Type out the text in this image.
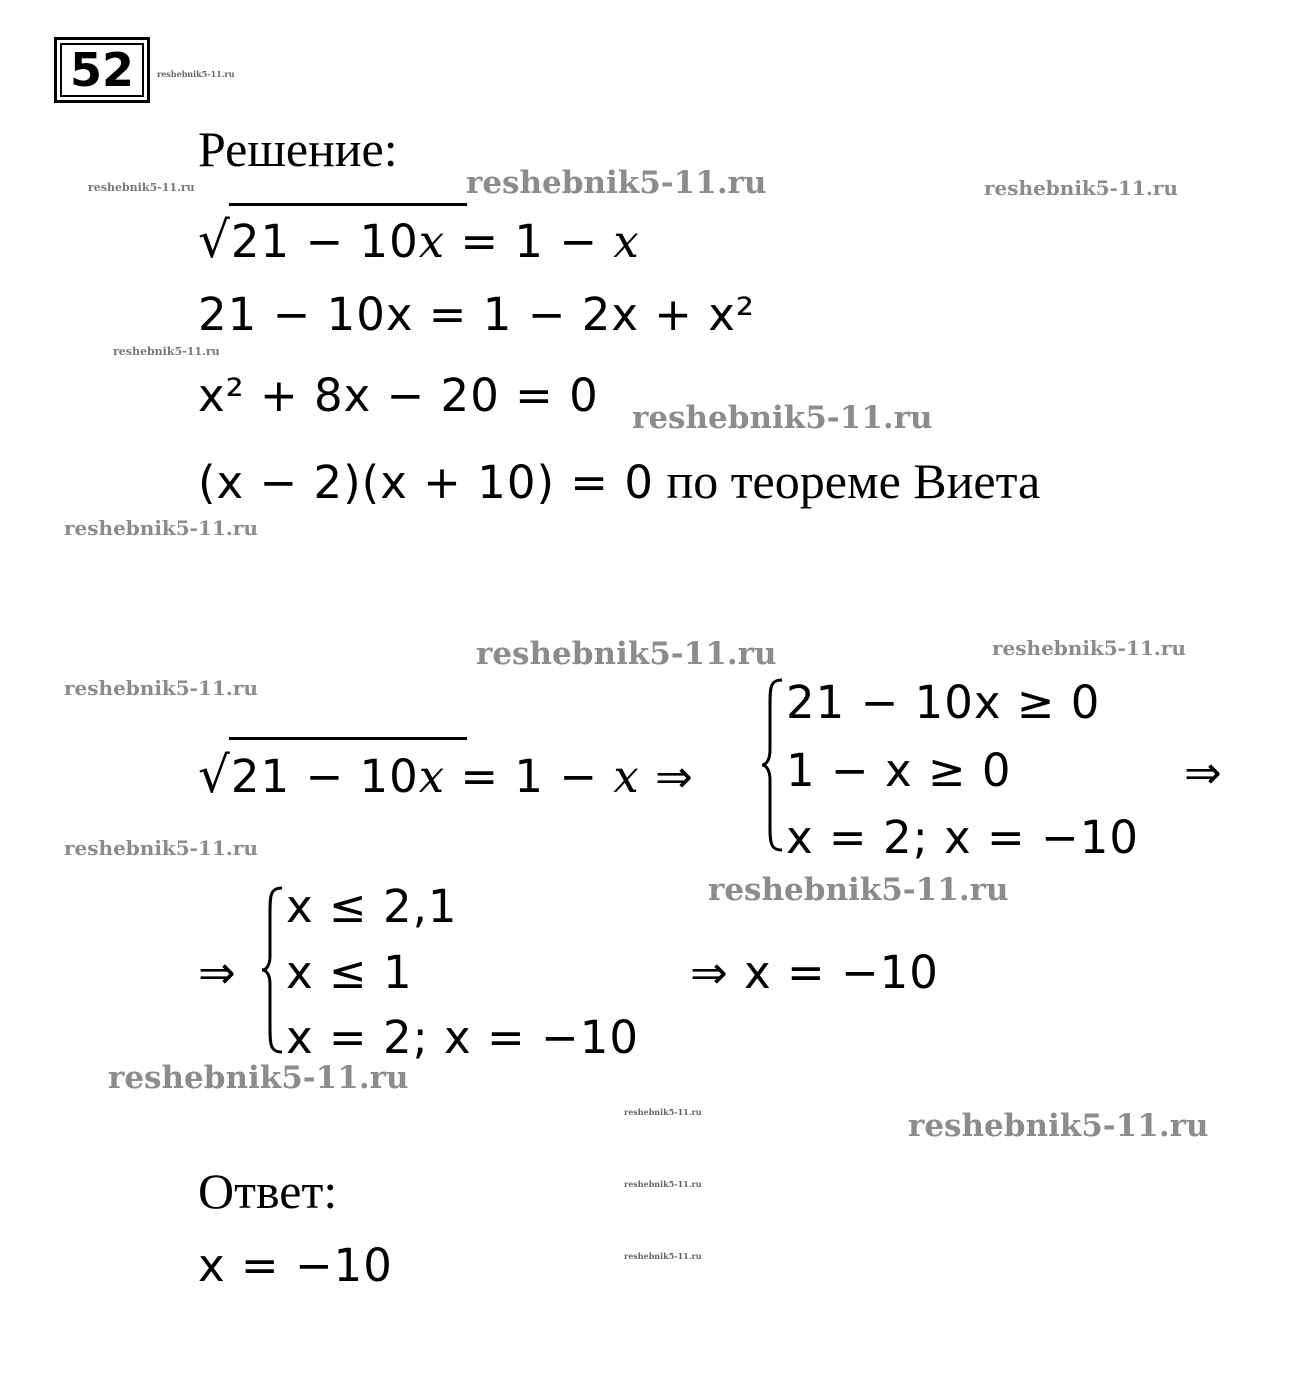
52	reshebnik5-11.ru
Решение:
reshebnik5-11.ru	reshebnik5-11.ru	reshebnik5-11.ru
√21 − 10x = 1 − x
21 − 10x = 1 − 2x + x²
reshebnik5-11.ru
x² + 8x − 20 = 0 reshebnik5-11.ru
(x − 2)(x + 10) = 0 по теореме Виета
reshebnik5-11.ru
reshebnik5-11.ru	reshebnik5-11.ru
reshebnik5-11.ru
√21 − 10x = 1 − x ⇒
21 − 10x ≥ 0
1 − x ≥ 0
x = 2; x = −10
⇒
reshebnik5-11.ru
⇒
x ≤ 2,1
x ≤ 1
x = 2; x = −10
⇒ x = −10
reshebnik5-11.ru
reshebnik5-11.ru
reshebnik5-11.ru	reshebnik5-11.ru
Ответ:	reshebnik5-11.ru
x = −10	reshebnik5-11.ru
